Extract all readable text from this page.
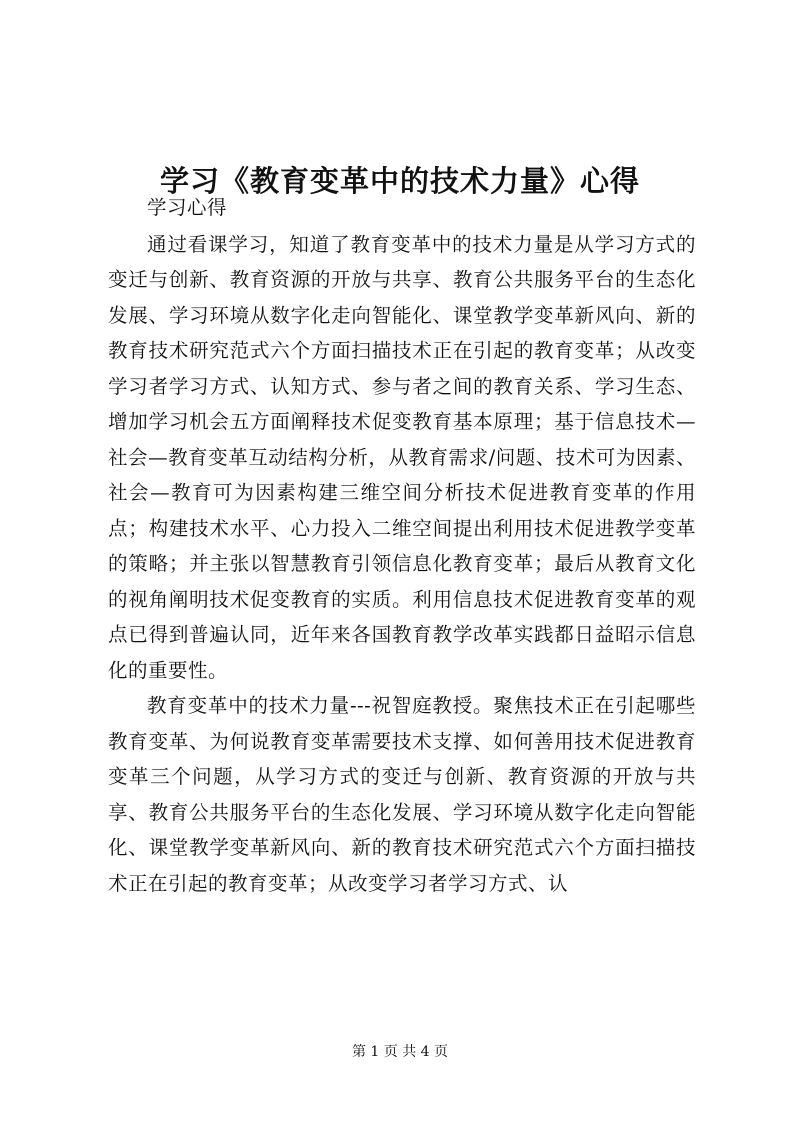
学习《教育变革中的技术力量》心得

学习心得

通过看课学习，知道了教育变革中的技术力量是从学习方式的变迁与创新、教育资源的开放与共享、教育公共服务平台的生态化发展、学习环境从数字化走向智能化、课堂教学变革新风向、新的教育技术研究范式六个方面扫描技术正在引起的教育变革；从改变学习者学习方式、认知方式、参与者之间的教育关系、学习生态、增加学习机会五方面阐释技术促变教育基本原理；基于信息技术—社会—教育变革互动结构分析，从教育需求/问题、技术可为因素、社会—教育可为因素构建三维空间分析技术促进教育变革的作用点；构建技术水平、心力投入二维空间提出利用技术促进教学变革的策略；并主张以智慧教育引领信息化教育变革；最后从教育文化的视角阐明技术促变教育的实质。利用信息技术促进教育变革的观点已得到普遍认同，近年来各国教育教学改革实践都日益昭示信息化的重要性。

教育变革中的技术力量---祝智庭教授。聚焦技术正在引起哪些教育变革、为何说教育变革需要技术支撑、如何善用技术促进教育变革三个问题，从学习方式的变迁与创新、教育资源的开放与共享、教育公共服务平台的生态化发展、学习环境从数字化走向智能化、课堂教学变革新风向、新的教育技术研究范式六个方面扫描技术正在引起的教育变革；从改变学习者学习方式、认

第 1 页 共 4 页
